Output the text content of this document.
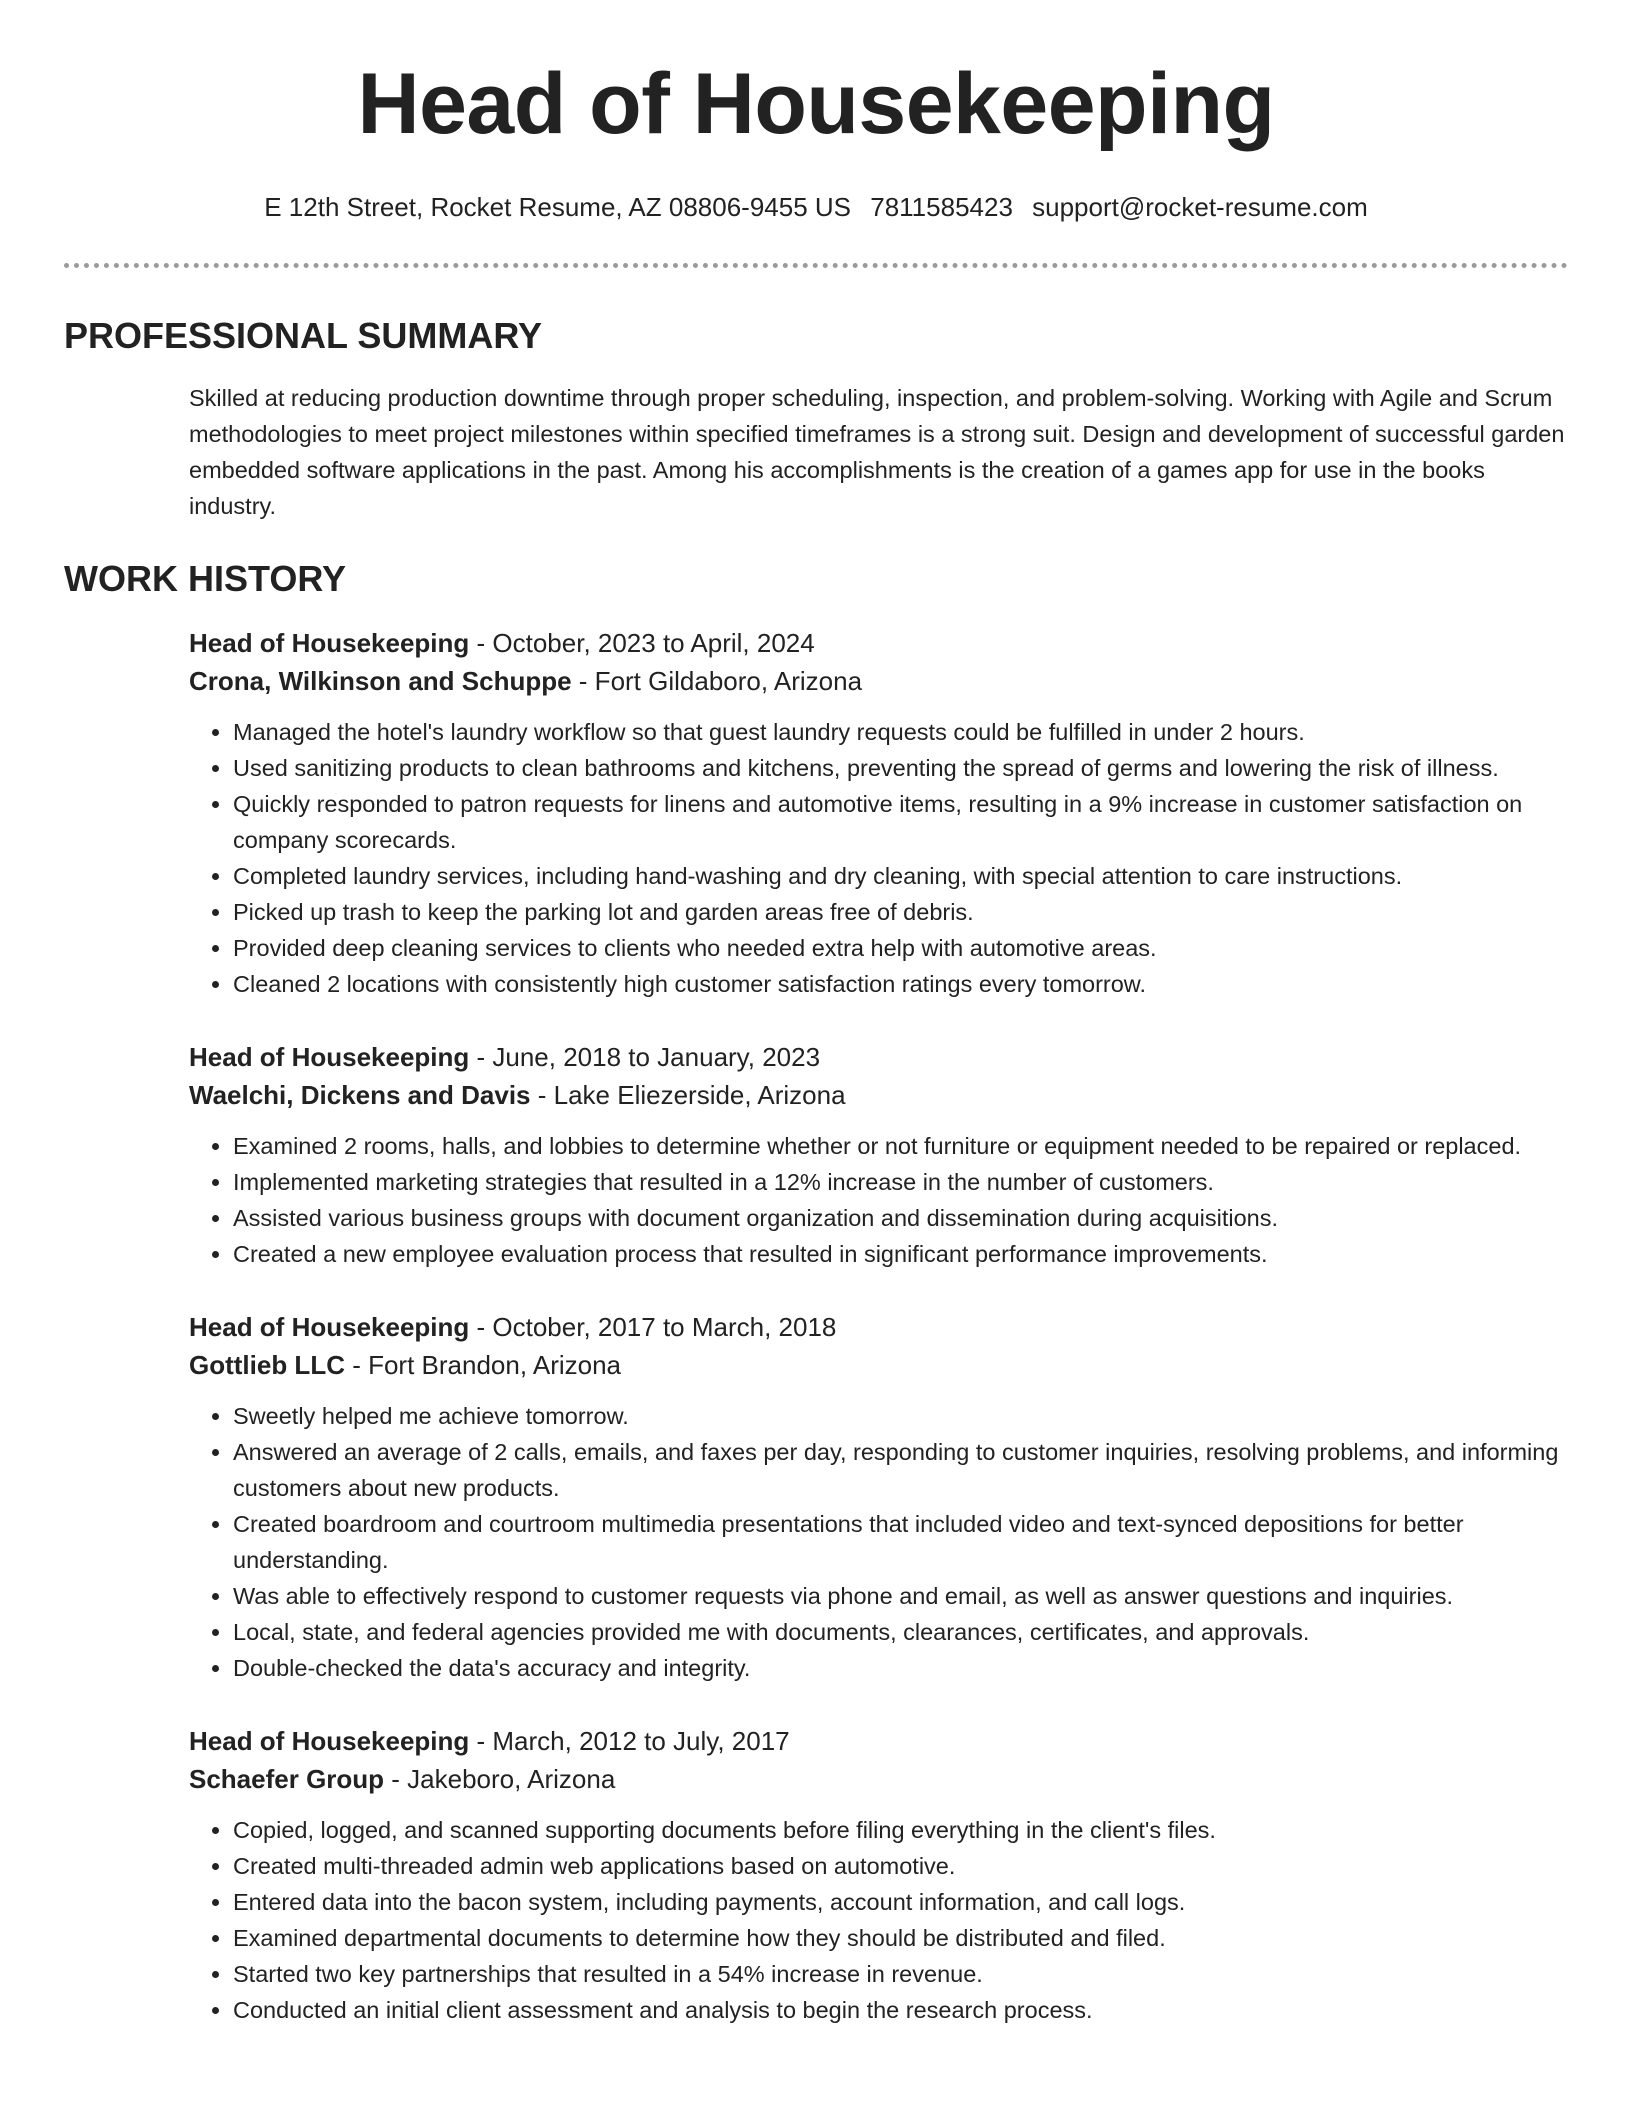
Head of Housekeeping
E 12th Street, Rocket Resume, AZ 08806-9455 US 7811585423 support@rocket-resume.com
PROFESSIONAL SUMMARY

Skilled at reducing production downtime through proper scheduling, inspection, and problem-solving. Working with Agile and Scrum methodologies to meet project milestones within specified timeframes is a strong suit. Design and development of successful garden embedded software applications in the past. Among his accomplishments is the creation of a games app for use in the books industry.

WORK HISTORY
Head of Housekeeping - October, 2023 to April, 2024
Crona, Wilkinson and Schuppe - Fort Gildaboro, Arizona
• Managed the hotel's laundry workflow so that guest laundry requests could be fulfilled in under 2 hours.
• Used sanitizing products to clean bathrooms and kitchens, preventing the spread of germs and lowering the risk of illness.
• Quickly responded to patron requests for linens and automotive items, resulting in a 9% increase in customer satisfaction on company scorecards.
• Completed laundry services, including hand-washing and dry cleaning, with special attention to care instructions.
• Picked up trash to keep the parking lot and garden areas free of debris.
• Provided deep cleaning services to clients who needed extra help with automotive areas.
• Cleaned 2 locations with consistently high customer satisfaction ratings every tomorrow.
Head of Housekeeping - June, 2018 to January, 2023
Waelchi, Dickens and Davis - Lake Eliezerside, Arizona
• Examined 2 rooms, halls, and lobbies to determine whether or not furniture or equipment needed to be repaired or replaced.
• Implemented marketing strategies that resulted in a 12% increase in the number of customers.
• Assisted various business groups with document organization and dissemination during acquisitions.
• Created a new employee evaluation process that resulted in significant performance improvements.
Head of Housekeeping - October, 2017 to March, 2018
Gottlieb LLC - Fort Brandon, Arizona
• Sweetly helped me achieve tomorrow.
• Answered an average of 2 calls, emails, and faxes per day, responding to customer inquiries, resolving problems, and informing customers about new products.
• Created boardroom and courtroom multimedia presentations that included video and text-synced depositions for better understanding.
• Was able to effectively respond to customer requests via phone and email, as well as answer questions and inquiries.
• Local, state, and federal agencies provided me with documents, clearances, certificates, and approvals.
• Double-checked the data's accuracy and integrity.
Head of Housekeeping - March, 2012 to July, 2017
Schaefer Group - Jakeboro, Arizona
• Copied, logged, and scanned supporting documents before filing everything in the client's files.
• Created multi-threaded admin web applications based on automotive.
• Entered data into the bacon system, including payments, account information, and call logs.
• Examined departmental documents to determine how they should be distributed and filed.
• Started two key partnerships that resulted in a 54% increase in revenue.
• Conducted an initial client assessment and analysis to begin the research process.
